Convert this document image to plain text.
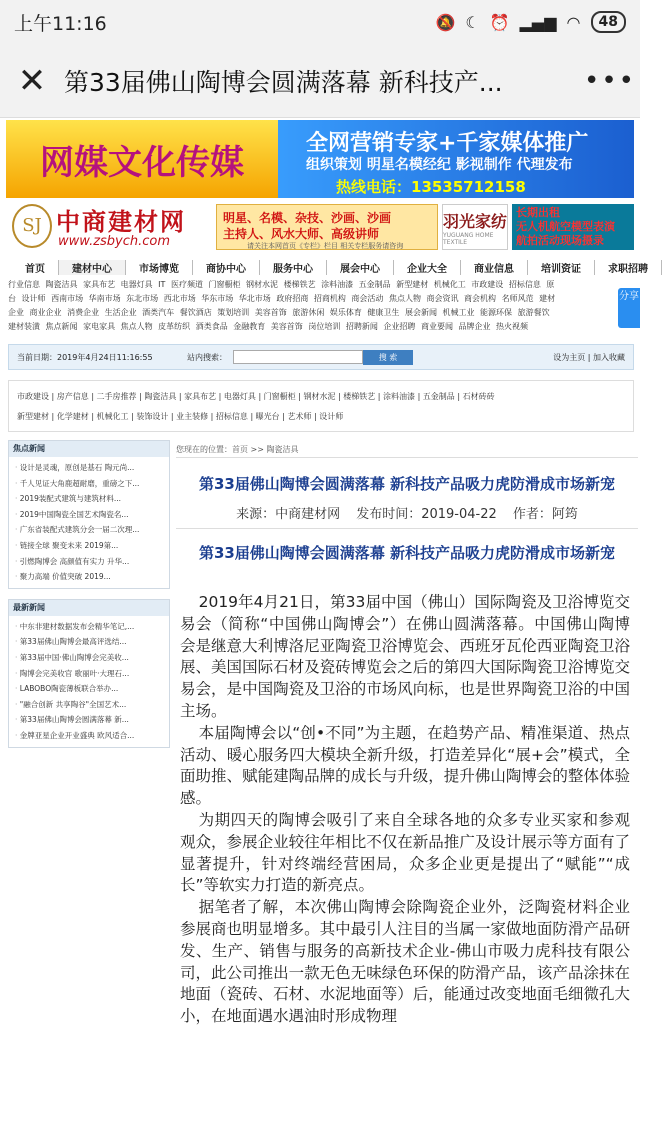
上午11:16	🔕 ☾ ⏰ ▂▄▆ ◠	48
✕ 第33届佛山陶博会圆满落幕 新科技产...	•••
网媒文化传媒	全网营销专家+千家媒体推广
组织策划 明星名模经纪 影视制作 代理发布
热线电话：13535712158
SJ 中商建材网
www.zsbych.com
明星、名模、杂技、沙画、沙画
主持人、风水大师、高级讲师
请关注本网首页《专栏》栏目 相关专栏服务请咨询
羽光家纺
YUGUANG HOME TEXTILE
长期出租
无人机航空模型表演
航拍活动现场摄录
首页	建材中心	市场博览	商协中心	服务中心	展会中心	企业大全	商业信息	培训资证	求职招聘
行业信息 陶瓷洁具 家具布艺 电器灯具 IT 医疗频道 门窗橱柜 钢材水泥 楼梯铁艺 涂料油漆 五金制品 新型建材 机械化工 市政建设 招标信息 原
台 设计师 西南市场 华南市场 东北市场 西北市场 华东市场 华北市场 政府招商 招商机构 商会活动 焦点人物 商会资讯 商会机构 名师风范 建材
企业 商业企业 消费企业 生活企业 酒类汽车 餐饮酒店 策划培训 美容首饰 旅游休闲 娱乐体育 健康卫生 展会新闻 机械工业 能源环保 旅游餐饮
建材装潢 焦点新闻 家电家具 焦点人物 皮革纺织 酒类食品 金融教育 美容首饰 岗位培训 招聘新闻 企业招聘 商业要闻 品牌企业 热火视频
分享
当前日期：2019年4月24日11:16:55	站内搜索：	搜 索	设为主页 | 加入收藏
市政建设 | 房产信息 | 二手房推荐 | 陶瓷洁具 | 家具布艺 | 电器灯具 | 门窗橱柜 | 钢材水泥 | 楼梯铁艺 | 涂料油漆 | 五金制品 | 石材砖砖
新型建材 | 化学建材 | 机械化工 | 装饰设计 | 业主装修 | 招标信息 | 曝光台 | 艺术师 | 设计师
焦点新闻
· 设计是灵魂，原创是基石 陶元尚...
· 千人见证大角鹿超耐磨，重磅之下...
· 2019装配式建筑与建筑材料...
· 2019中国陶瓷全国艺术陶瓷名...
· 广东省装配式建筑分会一届二次理...
· 链接全球 聚变未来 2019第...
· 引燃陶博会 高颜值有实力 升华...
· 聚力高端 价值突破 2019...
最新新闻
· 中东非建材数据发布会精华笔记,...
· 第33届佛山陶博会最高评选结...
· 第33届中国·佛山陶博会完美收...
· 陶博会完美收官 歌丽叶·大理石...
· LABOBO陶瓷薄板联合举办...
· "融合创新 共享陶谷"全国艺术...
· 第33届佛山陶博会圆满落幕 新...
· 金牌亚星企业开业盛典 欧风适合...
您现在的位置：首页 >> 陶瓷洁具
第33届佛山陶博会圆满落幕 新科技产品吸力虎防滑成市场新宠
来源：中商建材网 发布时间：2019-04-22 作者：阿筠
第33届佛山陶博会圆满落幕 新科技产品吸力虎防滑成市场新宠

2019年4月21日，第33届中国（佛山）国际陶瓷及卫浴博览交易会（简称“中国佛山陶博会”）在佛山圆满落幕。中国佛山陶博会是继意大利博洛尼亚陶瓷卫浴博览会、西班牙瓦伦西亚陶瓷卫浴展、美国国际石材及瓷砖博览会之后的第四大国际陶瓷卫浴博览交易会，是中国陶瓷及卫浴的市场风向标，也是世界陶瓷卫浴的中国主场。

本届陶博会以“创•不同”为主题，在趋势产品、精准渠道、热点活动、暖心服务四大模块全新升级，打造差异化“展+会”模式，全面助推、赋能建陶品牌的成长与升级，提升佛山陶博会的整体体验感。

为期四天的陶博会吸引了来自全球各地的众多专业买家和参观观众，参展企业较往年相比不仅在新品推广及设计展示等方面有了显著提升，针对终端经营困局，众多企业更是提出了“赋能”“成长”等软实力打造的新亮点。

据笔者了解，本次佛山陶博会除陶瓷企业外，泛陶瓷材料企业参展商也明显增多。其中最引人注目的当属一家做地面防滑产品研发、生产、销售与服务的高新技术企业-佛山市吸力虎科技有限公司，此公司推出一款无色无味绿色环保的防滑产品，该产品涂抹在地面（瓷砖、石材、水泥地面等）后，能通过改变地面毛细微孔大小，在地面遇水遇油时形成物理
